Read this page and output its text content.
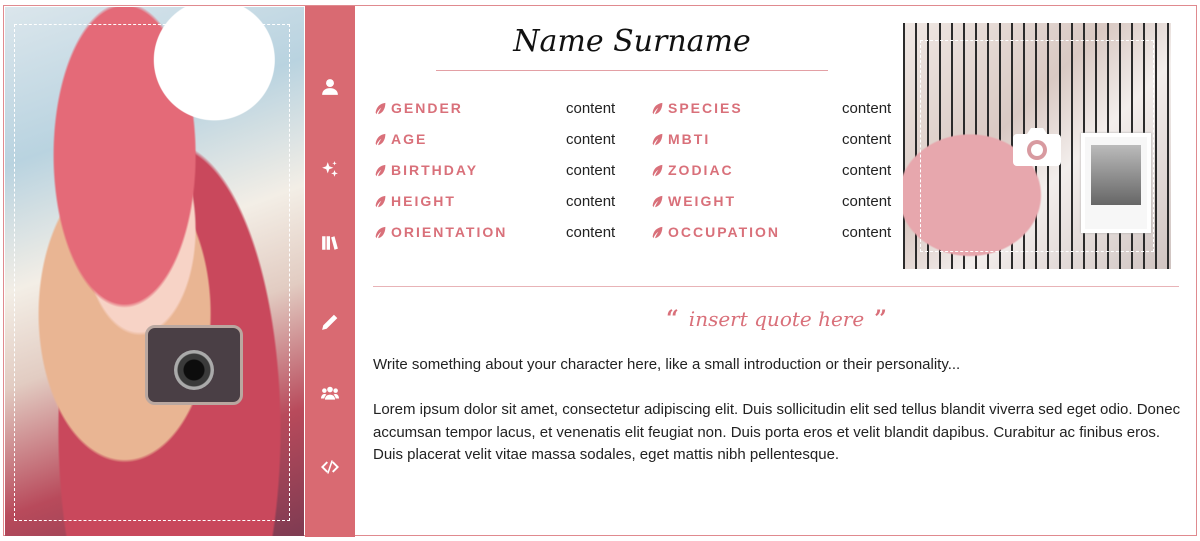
Name Surname
GENDER	content
AGE	content
BIRTHDAY	content
HEIGHT	content
ORIENTATION	content
SPECIES	content
MBTI	content
ZODIAC	content
WEIGHT	content
OCCUPATION	content
“ insert quote here ”
Write something about your character here, like a small introduction or their personality...
Lorem ipsum dolor sit amet, consectetur adipiscing elit. Duis sollicitudin elit sed tellus blandit viverra sed eget odio. Donec accumsan tempor lacus, et venenatis elit feugiat non. Duis porta eros et velit blandit dapibus. Curabitur ac finibus eros. Duis placerat velit vitae massa sodales, eget mattis nibh pellentesque.
